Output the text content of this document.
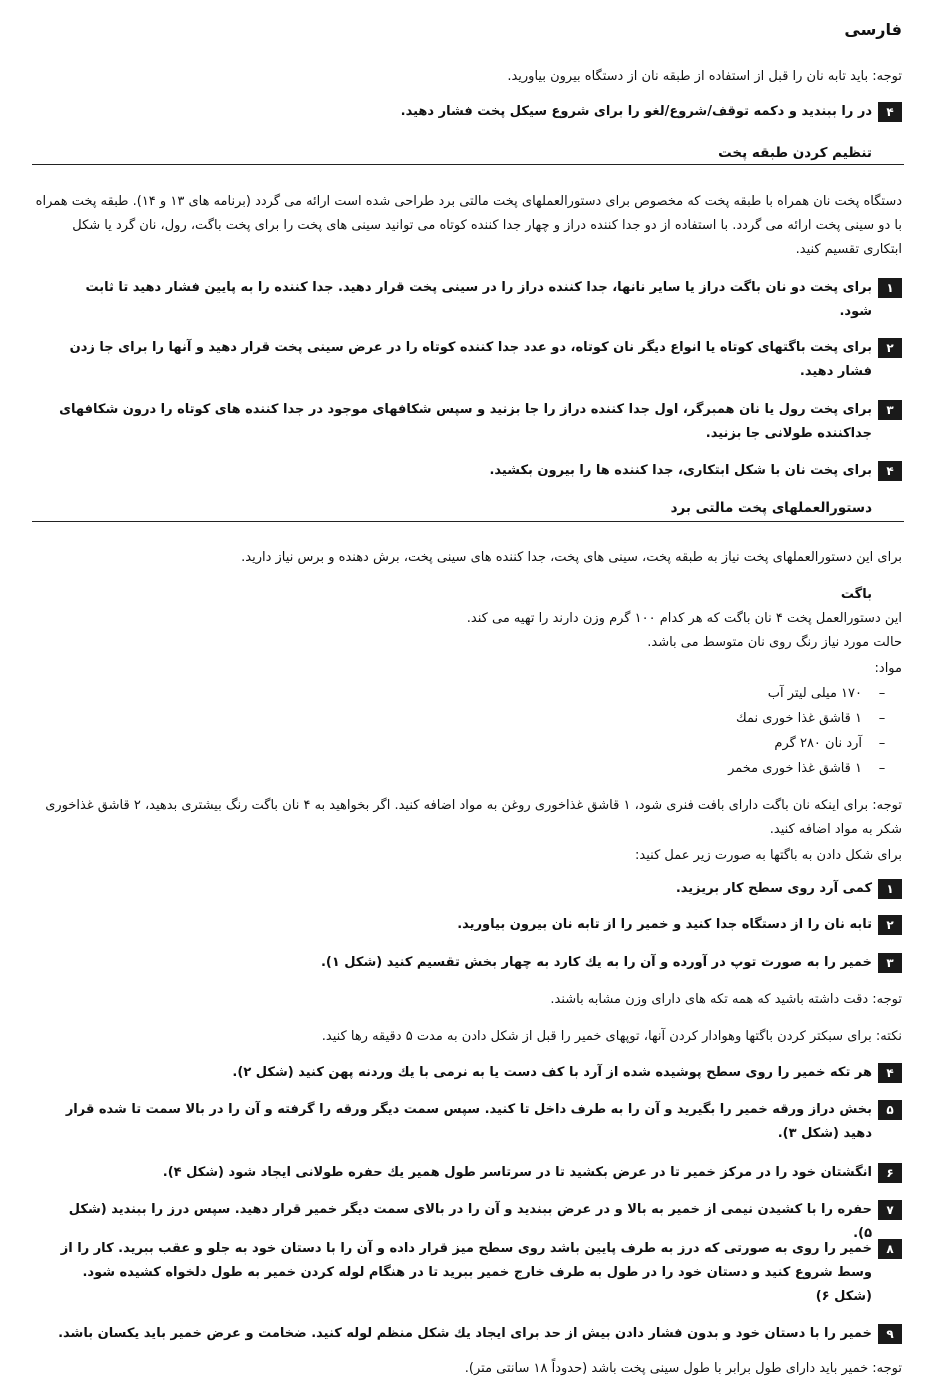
فارسی
توجه: باید تابه نان را قبل از استفاده از طبقه نان از دستگاه بیرون بیاورید.
۴
در را ببندید و دکمه توقف/شروع/لغو را برای شروع سیکل پخت فشار دهید.
تنظیم کردن طبقه پخت
دستگاه پخت نان همراه با طبقه پخت که مخصوص برای دستورالعملهای پخت مالتی برد طراحی شده است ارائه می گردد (برنامه های ۱۳ و ۱۴). طبقه پخت همراه با دو سینی پخت ارائه می گردد. با استفاده از دو جدا کننده دراز و چهار جدا کننده کوتاه می توانید سینی های پخت را برای پخت باگت، رول، نان گرد یا شکل ابتکاری تقسیم کنید.
۱
برای پخت دو نان باگت دراز یا سایر نانها، جدا کننده دراز را در سینی پخت قرار دهید. جدا کننده را به پایین فشار دهید تا ثابت شود.
۲
برای پخت باگتهای کوتاه یا انواع دیگر نان کوتاه، دو عدد جدا کننده کوتاه را در عرض سینی پخت قرار دهید و آنها را برای جا زدن فشار دهید.
۳
برای پخت رول یا نان همبرگر، اول جدا کننده دراز را جا بزنید و سپس شکافهای موجود در جدا کننده های کوتاه را درون شکافهای جداکننده طولانی جا بزنید.
۴
برای پخت نان با شکل ابتکاری، جدا کننده ها را بیرون بکشید.
دستورالعملهای پخت مالتی برد
برای این دستورالعملهای پخت نیاز به طبقه پخت، سینی های پخت، جدا کننده های سینی پخت، برش دهنده و برس نیاز دارید.
باگت
این دستورالعمل پخت ۴ نان باگت که هر کدام ۱۰۰ گرم وزن دارند را تهیه می کند.
حالت مورد نیاز رنگ روی نان متوسط می باشد.
مواد:
–۱۷۰ میلی لیتر آب
–۱ قاشق غذا خوری نمك
–آرد نان ۲۸۰ گرم
–۱ قاشق غذا خوری مخمر
توجه: برای اینکه نان باگت دارای بافت فنری شود، ۱ قاشق غذاخوری روغن به مواد اضافه کنید. اگر بخواهید به ۴ نان باگت رنگ بیشتری بدهید، ۲ قاشق غذاخوری شکر به مواد اضافه کنید.
برای شکل دادن به باگتها به صورت زیر عمل کنید:
۱
کمی آرد روی سطح کار بریزید.
۲
تابه نان را از دستگاه جدا کنید و خمیر را از تابه نان بیرون بیاورید.
۳
خمیر را به صورت توپ در آورده و آن را به یك کارد به چهار بخش تقسیم کنید (شکل ۱).
توجه: دقت داشته باشید که همه تکه های دارای وزن مشابه باشند.
نکته: برای سبکتر کردن باگتها وهوادار کردن آنها، توپهای خمیر را قبل از شکل دادن به مدت ۵ دقیقه رها کنید.
۴
هر تکه خمیر را روی سطح پوشیده شده از آرد با کف دست یا به نرمی با یك وردنه پهن کنید (شکل ۲).
۵
بخش دراز ورقه خمیر را بگیرید و آن را به طرف داخل تا کنید. سپس سمت دیگر ورقه را گرفته و آن را در بالا سمت تا شده قرار دهید (شکل ۳).
۶
انگشتان خود را در مرکز خمیر تا در عرض بکشید تا در سرتاسر طول همیر یك حفره طولانی ایجاد شود (شکل ۴).
۷
حفره را با کشیدن نیمی از خمیر به بالا و در عرض ببندید و آن را در بالای سمت دیگر خمیر قرار دهید. سپس درز را ببندید (شکل ۵).
۸
خمیر را روی به صورتی که درز به طرف پایین باشد روی سطح میز قرار داده و آن را با دستان خود به جلو و عقب ببرید. کار را از وسط شروع کنید و دستان خود را در طول به طرف خارج خمیر ببرید تا در هنگام لوله کردن خمیر به طول دلخواه کشیده شود. (شکل ۶)
۹
خمیر را با دستان خود و بدون فشار دادن بیش از حد برای ایجاد یك شکل منظم لوله کنید. ضخامت و عرض خمیر باید یکسان باشد.
توجه: خمیر باید دارای طول برابر با طول سینی پخت باشد (حدوداً ۱۸ سانتی متر).
